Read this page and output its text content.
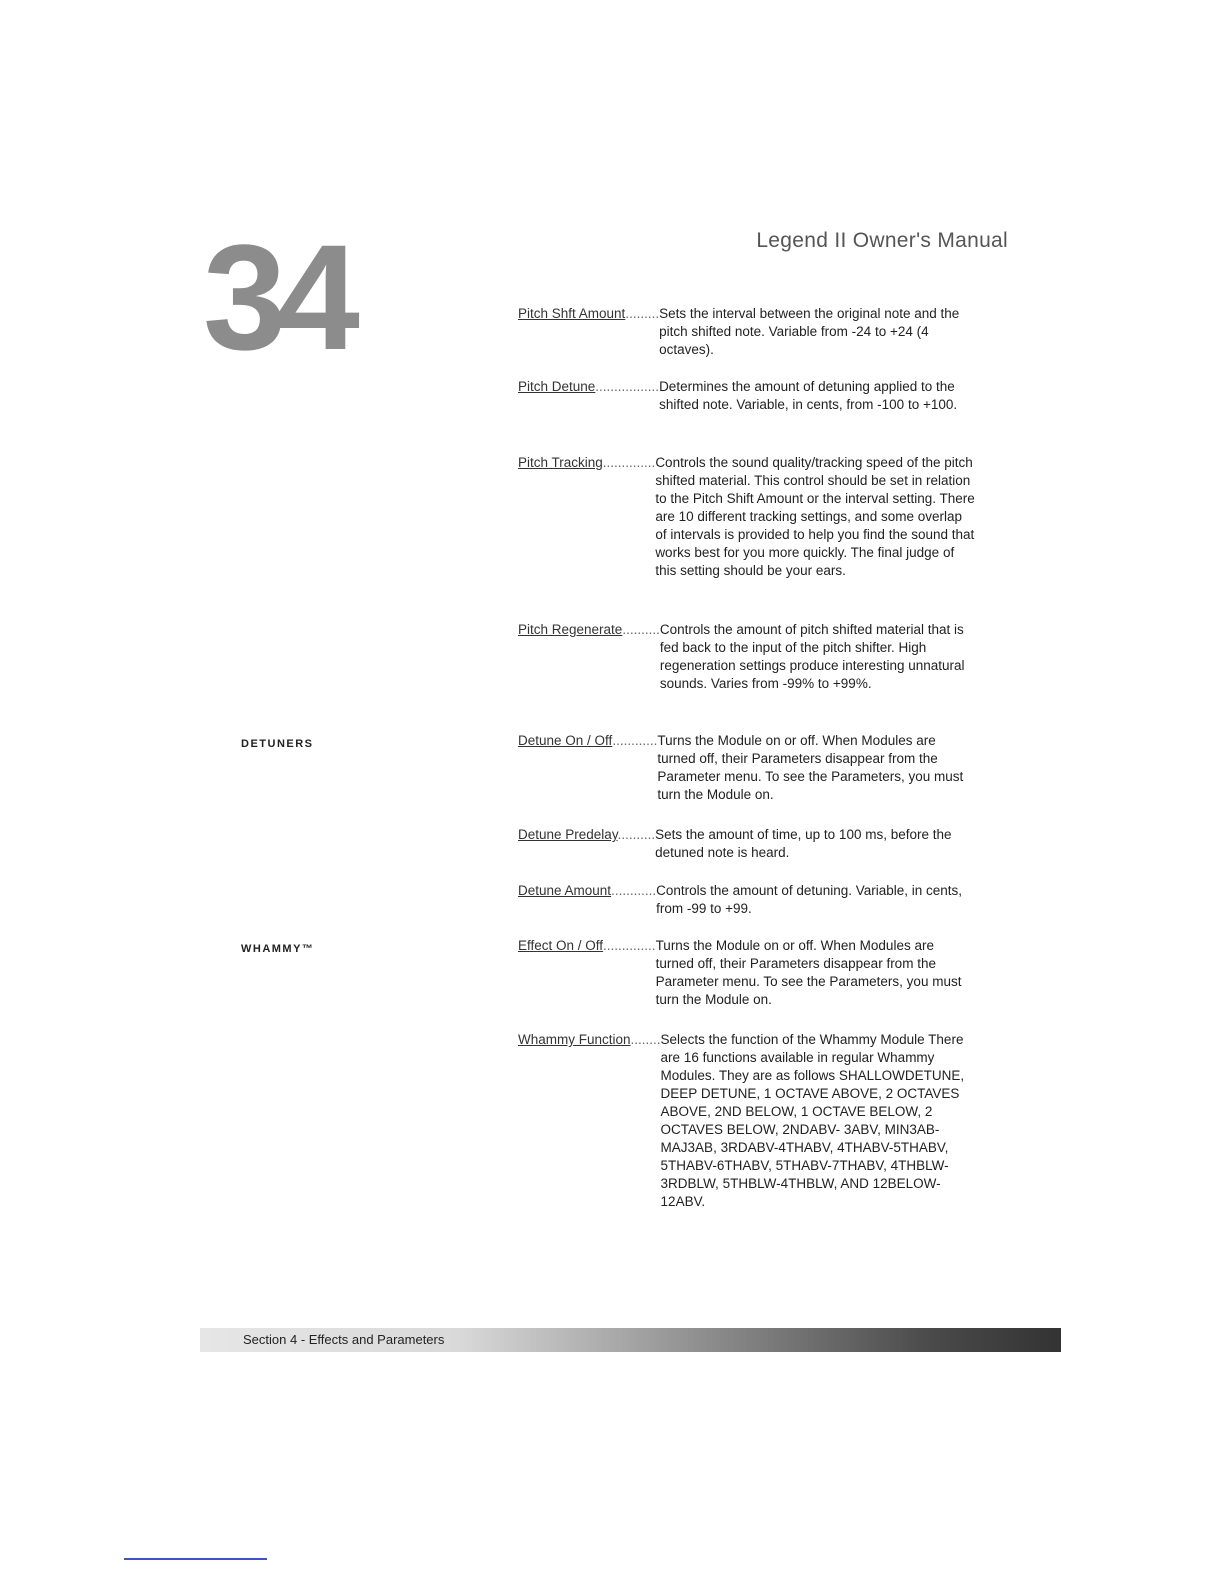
34	Legend II Owner's Manual
DETUNERS
WHAMMY™
Pitch Shft Amount......... Sets the interval between the original note and the pitch shifted note. Variable from -24 to +24 (4 octaves).
Pitch Detune................. Determines the amount of detuning applied to the shifted note. Variable, in cents, from -100 to +100.
Pitch Tracking.............. Controls the sound quality/tracking speed of the pitch shifted material. This control should be set in relation to the Pitch Shift Amount or the interval setting. There are 10 different tracking settings, and some overlap of intervals is provided to help you find the sound that works best for you more quickly. The final judge of this setting should be your ears.
Pitch Regenerate.......... Controls the amount of pitch shifted material that is fed back to the input of the pitch shifter. High regeneration settings produce interesting unnatural sounds. Varies from -99% to +99%.
Detune On / Off............ Turns the Module on or off. When Modules are turned off, their Parameters disappear from the Parameter menu. To see the Parameters, you must turn the Module on.
Detune Predelay.......... Sets the amount of time, up to 100 ms, before the detuned note is heard.
Detune Amount............ Controls the amount of detuning. Variable, in cents, from -99 to +99.
Effect On / Off.............. Turns the Module on or off. When Modules are turned off, their Parameters disappear from the Parameter menu. To see the Parameters, you must turn the Module on.
Whammy Function........ Selects the function of the Whammy Module There are 16 functions available in regular Whammy Modules. They are as follows SHALLOWDETUNE, DEEP DETUNE, 1 OCTAVE ABOVE, 2 OCTAVES ABOVE, 2ND BELOW, 1 OCTAVE BELOW, 2 OCTAVES BELOW, 2NDABV- 3ABV, MIN3AB-MAJ3AB, 3RDABV-4THABV, 4THABV-5THABV, 5THABV-6THABV, 5THABV-7THABV, 4THBLW-3RDBLW, 5THBLW-4THBLW, AND 12BELOW-12ABV.
Section 4 - Effects and Parameters
